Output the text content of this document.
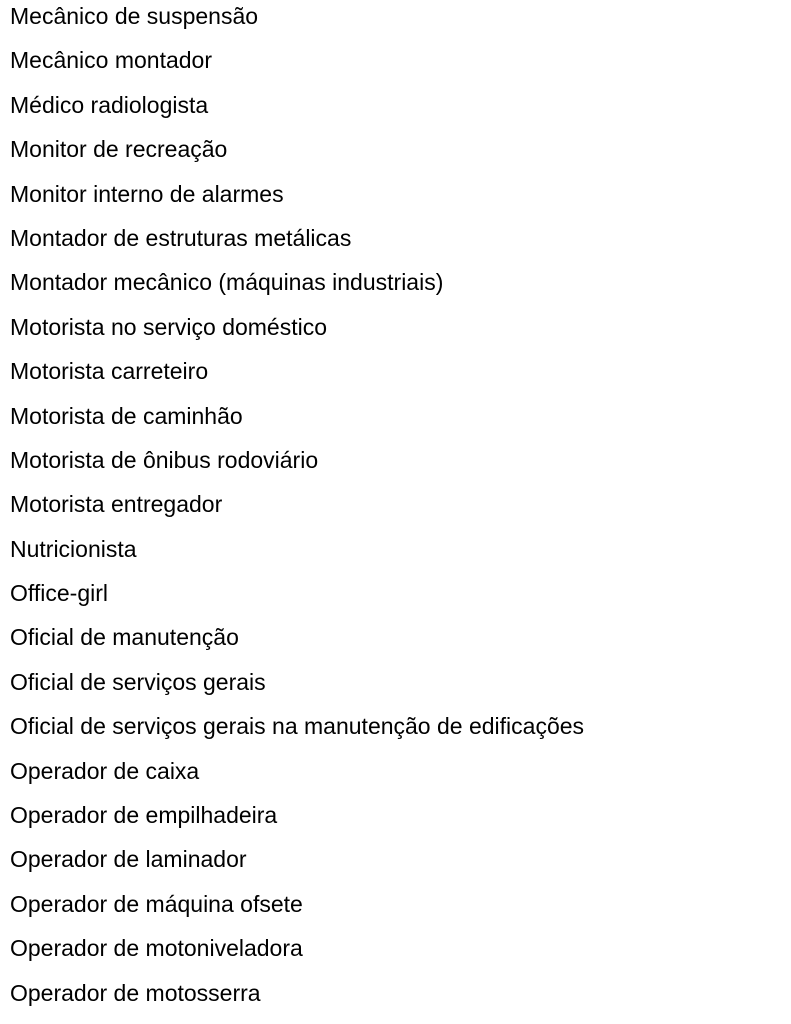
Mecânico de suspensão
Mecânico montador
Médico radiologista
Monitor de recreação
Monitor interno de alarmes
Montador de estruturas metálicas
Montador mecânico (máquinas industriais)
Motorista no serviço doméstico
Motorista carreteiro
Motorista de caminhão
Motorista de ônibus rodoviário
Motorista entregador
Nutricionista
Office-girl
Oficial de manutenção
Oficial de serviços gerais
Oficial de serviços gerais na manutenção de edificações
Operador de caixa
Operador de empilhadeira
Operador de laminador
Operador de máquina ofsete
Operador de motoniveladora
Operador de motosserra
